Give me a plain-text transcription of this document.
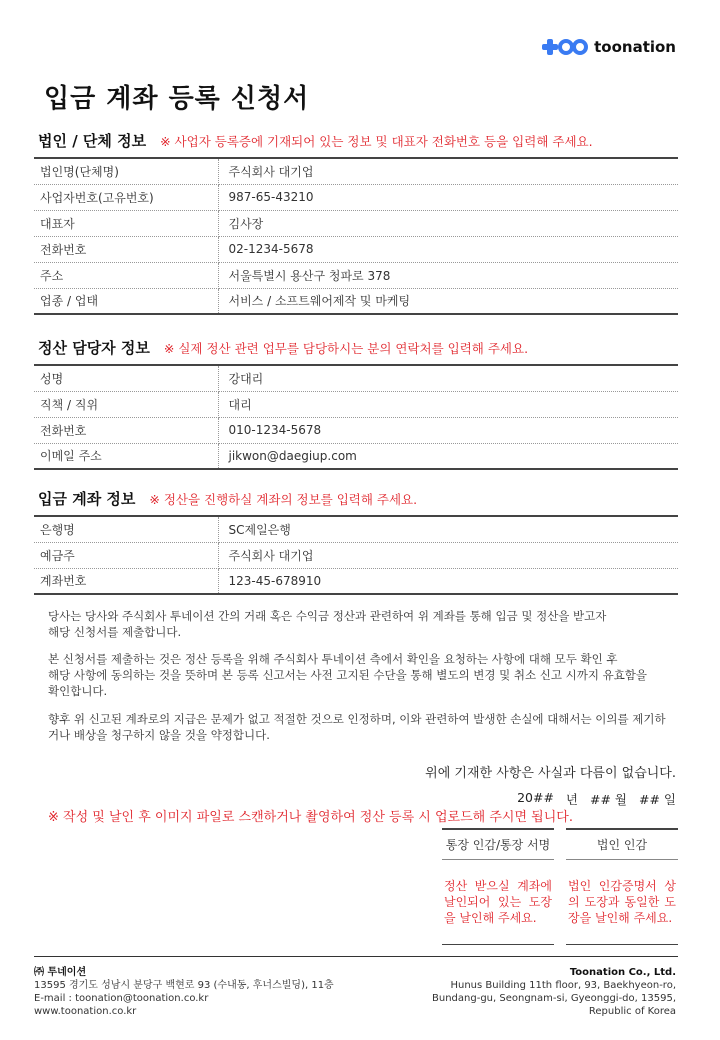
toonation
입금 계좌 등록 신청서
법인 / 단체 정보 ※ 사업자 등록증에 기재되어 있는 정보 및 대표자 전화번호 등을 입력해 주세요.
법인명(단체명)	주식회사 대기업
사업자번호(고유번호)	987-65-43210
대표자	김사장
전화번호	02-1234-5678
주소	서울특별시 용산구 청파로 378
업종 / 업태	서비스 / 소프트웨어제작 및 마케팅
정산 담당자 정보 ※ 실제 정산 관련 업무를 담당하시는 분의 연락처를 입력해 주세요.
성명	강대리
직책 / 직위	대리
전화번호	010-1234-5678
이메일 주소	jikwon@daegiup.com
입금 계좌 정보 ※ 정산을 진행하실 계좌의 정보를 입력해 주세요.
은행명	SC제일은행
예금주	주식회사 대기업
계좌번호	123-45-678910
당사는 당사와 주식회사 투네이션 간의 거래 혹은 수익금 정산과 관련하여 위 계좌를 통해 입금 및 정산을 받고자
해당 신청서를 제출합니다.
본 신청서를 제출하는 것은 정산 등록을 위해 주식회사 투네이션 측에서 확인을 요청하는 사항에 대해 모두 확인 후
해당 사항에 동의하는 것을 뜻하며 본 등록 신고서는 사전 고지된 수단을 통해 별도의 변경 및 취소 신고 시까지 유효함을
확인합니다.
향후 위 신고된 계좌로의 지급은 문제가 없고 적절한 것으로 인정하며, 이와 관련하여 발생한 손실에 대해서는 이의를 제기하
거나 배상을 청구하지 않을 것을 약정합니다.
위에 기재한 사항은 사실과 다름이 없습니다.
20## 년 ## 월 ## 일
※ 작성 및 날인 후 이미지 파일로 스캔하거나 촬영하여 정산 등록 시 업로드해 주시면 됩니다.
통장 인감/통장 서명
정산 받으실 계좌에 날인되어 있는 도장을 날인해 주세요.
법인 인감
법인 인감증명서 상의 도장과 동일한 도장을 날인해 주세요.
㈜ 투네이션
13595 경기도 성남시 분당구 백현로 93 (수내동, 후너스빌딩), 11층
E-mail : toonation@toonation.co.kr
www.toonation.co.kr
Toonation Co., Ltd.
Hunus Building 11th floor, 93, Baekhyeon-ro,
Bundang-gu, Seongnam-si, Gyeonggi-do, 13595,
Republic of Korea
